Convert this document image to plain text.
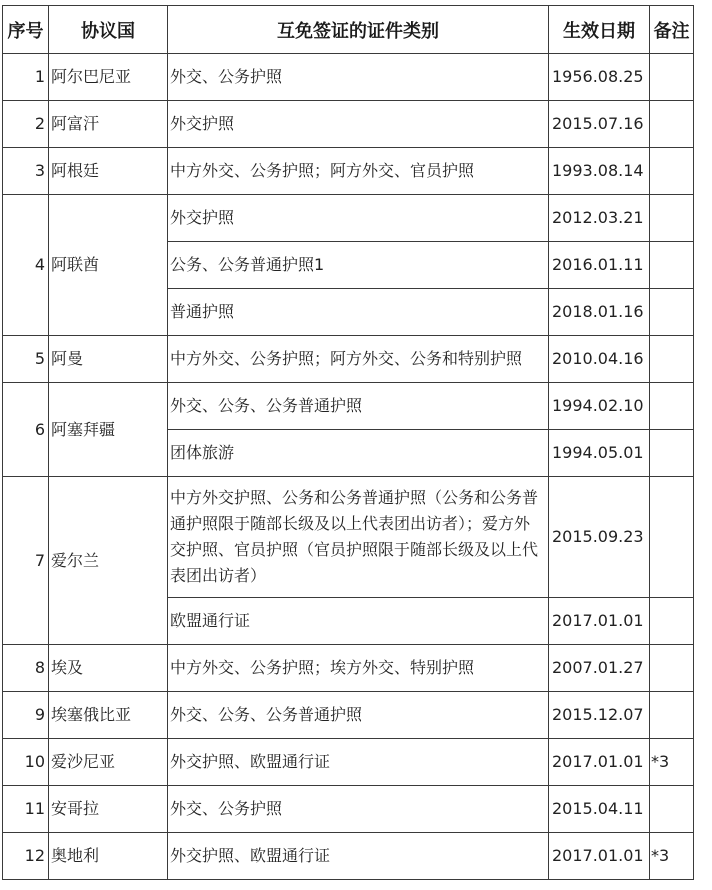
序号	协议国	互免签证的证件类别	生效日期	备注
1	阿尔巴尼亚	外交、公务护照	1956.08.25	
2	阿富汗	外交护照	2015.07.16	
3	阿根廷	中方外交、公务护照；阿方外交、官员护照	1993.08.14	
4	阿联酋	外交护照	2012.03.21	
		公务、公务普通护照1	2016.01.11	
		普通护照	2018.01.16	
5	阿曼	中方外交、公务护照；阿方外交、公务和特别护照	2010.04.16	
6	阿塞拜疆	外交、公务、公务普通护照	1994.02.10	
		团体旅游	1994.05.01	
7	爱尔兰	中方外交护照、公务和公务普通护照（公务和公务普通护照限于随部长级及以上代表团出访者）；爱方外交护照、官员护照（官员护照限于随部长级及以上代表团出访者）	2015.09.23	
		欧盟通行证	2017.01.01	
8	埃及	中方外交、公务护照；埃方外交、特别护照	2007.01.27	
9	埃塞俄比亚	外交、公务、公务普通护照	2015.12.07	
10	爱沙尼亚	外交护照、欧盟通行证	2017.01.01	*3
11	安哥拉	外交、公务护照	2015.04.11	
12	奥地利	外交护照、欧盟通行证	2017.01.01	*3
